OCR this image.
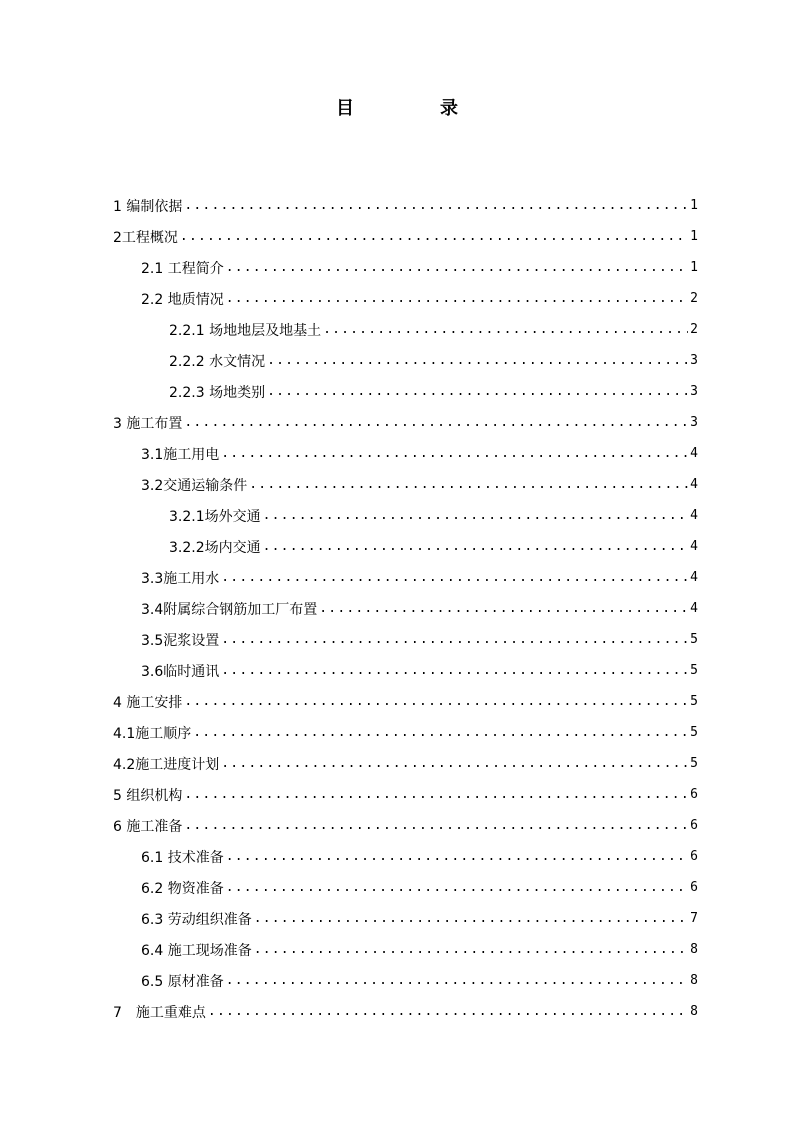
目　录
1 编制依据 .....	1
2工程概况 .....	1
2.1 工程简介 .....	1
2.2 地质情况 .....	2
2.2.1 场地地层及地基土 .....	2
2.2.2 水文情况 .....	3
2.2.3 场地类别 .....	3
3 施工布置 .....	3
3.1施工用电 .....	4
3.2交通运输条件 .....	4
3.2.1场外交通 .....	4
3.2.2场内交通 .....	4
3.3施工用水 .....	4
3.4附属综合钢筋加工厂布置 .....	4
3.5泥浆设置 .....	5
3.6临时通讯 .....	5
4 施工安排 .....	5
4.1施工顺序 .....	5
4.2施工进度计划 .....	5
5 组织机构 .....	6
6 施工准备 .....	6
6.1 技术准备 .....	6
6.2 物资准备 .....	6
6.3 劳动组织准备 .....	7
6.4 施工现场准备 .....	8
6.5 原材准备 .....	8
7　施工重难点 .....	8
